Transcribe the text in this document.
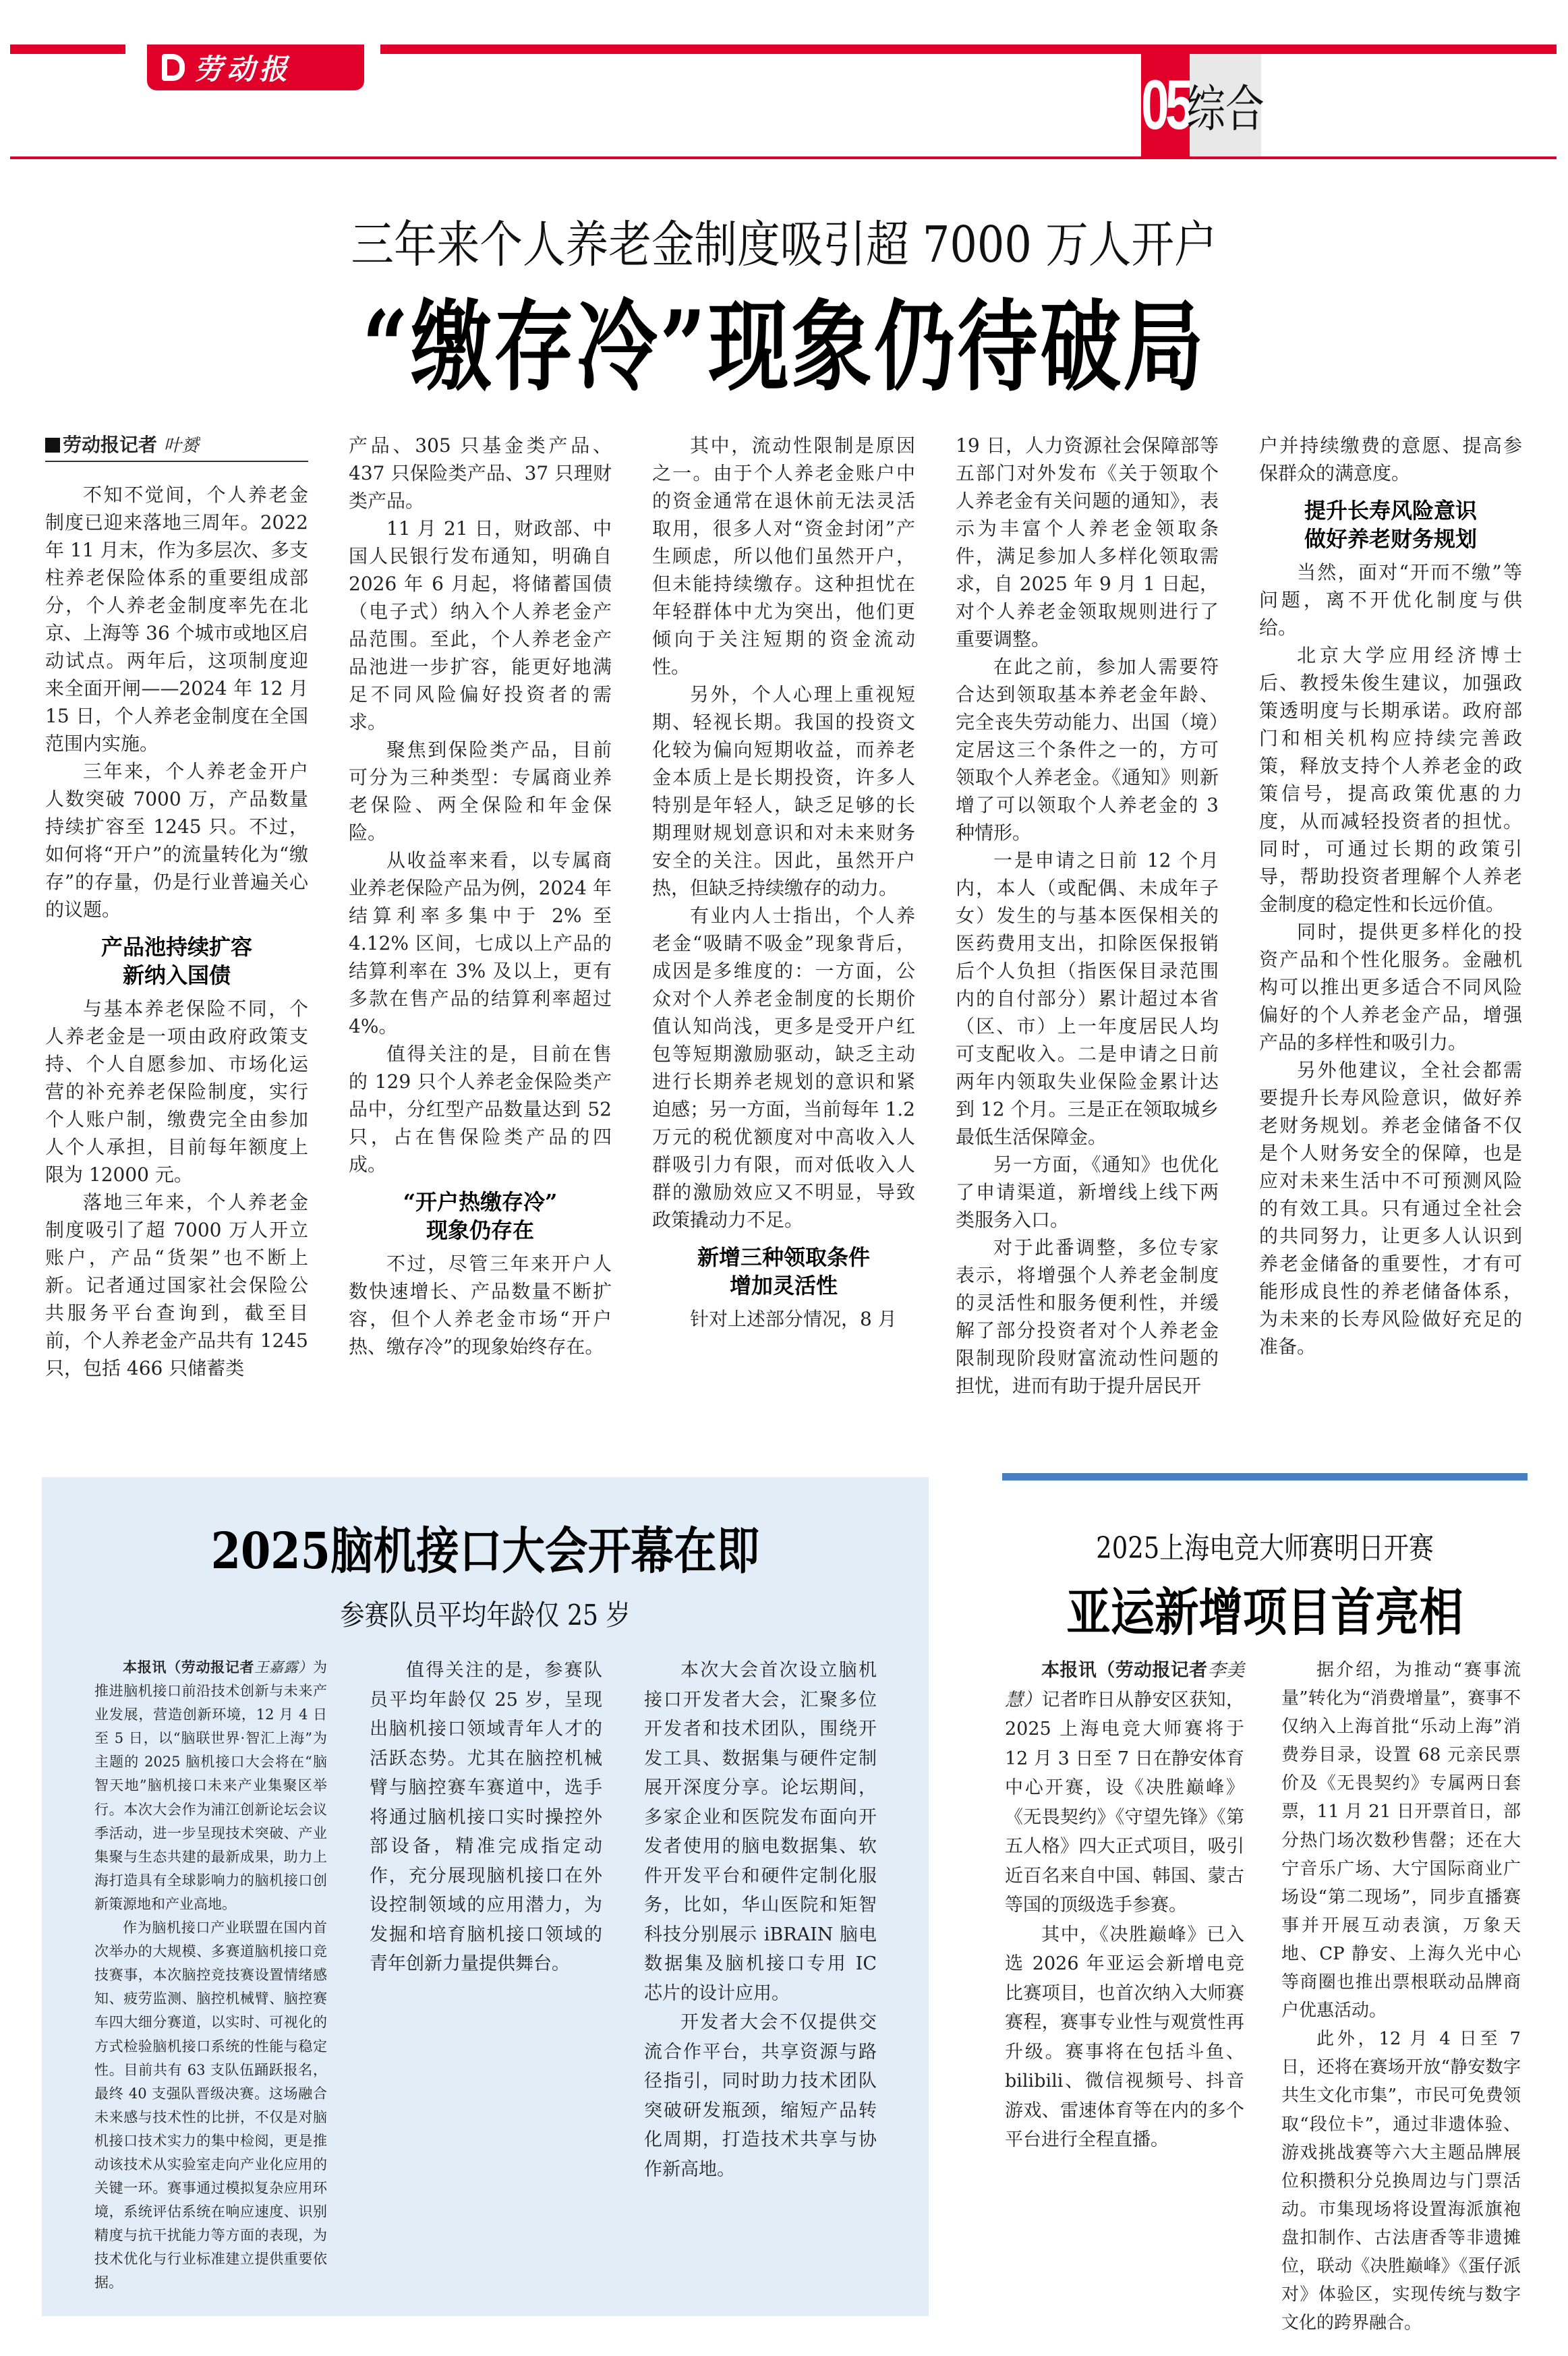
劳动报	05
综合
三年来个人养老金制度吸引超 7000 万人开户
“缴存冷”现象仍待破局
劳动报记者 叶赟

不知不觉间，个人养老金制度已迎来落地三周年。2022 年 11 月末，作为多层次、多支柱养老保险体系的重要组成部分，个人养老金制度率先在北京、上海等 36 个城市或地区启动试点。两年后，这项制度迎来全面开闸——2024 年 12 月 15 日，个人养老金制度在全国范围内实施。

三年来，个人养老金开户人数突破 7000 万，产品数量持续扩容至 1245 只。不过，如何将“开户”的流量转化为“缴存”的存量，仍是行业普遍关心的议题。

产品池持续扩容
新纳入国债

与基本养老保险不同，个人养老金是一项由政府政策支持、个人自愿参加、市场化运营的补充养老保险制度，实行个人账户制，缴费完全由参加人个人承担，目前每年额度上限为 12000 元。

落地三年来，个人养老金制度吸引了超 7000 万人开立账户，产品“货架”也不断上新。记者通过国家社会保险公共服务平台查询到，截至目前，个人养老金产品共有 1245 只，包括 466 只储蓄类

产品、305 只基金类产品、437 只保险类产品、37 只理财类产品。

11 月 21 日，财政部、中国人民银行发布通知，明确自 2026 年 6 月起，将储蓄国债（电子式）纳入个人养老金产品范围。至此，个人养老金产品池进一步扩容，能更好地满足不同风险偏好投资者的需求。

聚焦到保险类产品，目前可分为三种类型：专属商业养老保险、两全保险和年金保险。

从收益率来看，以专属商业养老保险产品为例，2024 年结算利率多集中于 2% 至 4.12% 区间，七成以上产品的结算利率在 3% 及以上，更有多款在售产品的结算利率超过 4%。

值得关注的是，目前在售的 129 只个人养老金保险类产品中，分红型产品数量达到 52 只，占在售保险类产品的四成。

“开户热缴存冷”
现象仍存在

不过，尽管三年来开户人数快速增长、产品数量不断扩容，但个人养老金市场“开户热、缴存冷”的现象始终存在。

其中，流动性限制是原因之一。由于个人养老金账户中的资金通常在退休前无法灵活取用，很多人对“资金封闭”产生顾虑，所以他们虽然开户，但未能持续缴存。这种担忧在年轻群体中尤为突出，他们更倾向于关注短期的资金流动性。

另外，个人心理上重视短期、轻视长期。我国的投资文化较为偏向短期收益，而养老金本质上是长期投资，许多人特别是年轻人，缺乏足够的长期理财规划意识和对未来财务安全的关注。因此，虽然开户热，但缺乏持续缴存的动力。

有业内人士指出，个人养老金“吸睛不吸金”现象背后，成因是多维度的：一方面，公众对个人养老金制度的长期价值认知尚浅，更多是受开户红包等短期激励驱动，缺乏主动进行长期养老规划的意识和紧迫感；另一方面，当前每年 1.2 万元的税优额度对中高收入人群吸引力有限，而对低收入人群的激励效应又不明显，导致政策撬动力不足。

新增三种领取条件
增加灵活性

针对上述部分情况，8 月

19 日，人力资源社会保障部等五部门对外发布《关于领取个人养老金有关问题的通知》，表示为丰富个人养老金领取条件，满足参加人多样化领取需求，自 2025 年 9 月 1 日起，对个人养老金领取规则进行了重要调整。

在此之前，参加人需要符合达到领取基本养老金年龄、完全丧失劳动能力、出国（境）定居这三个条件之一的，方可领取个人养老金。《通知》则新增了可以领取个人养老金的 3 种情形。

一是申请之日前 12 个月内，本人（或配偶、未成年子女）发生的与基本医保相关的医药费用支出，扣除医保报销后个人负担（指医保目录范围内的自付部分）累计超过本省（区、市）上一年度居民人均可支配收入。二是申请之日前两年内领取失业保险金累计达到 12 个月。三是正在领取城乡最低生活保障金。

另一方面，《通知》也优化了申请渠道，新增线上线下两类服务入口。

对于此番调整，多位专家表示，将增强个人养老金制度的灵活性和服务便利性，并缓解了部分投资者对个人养老金限制现阶段财富流动性问题的担忧，进而有助于提升居民开

户并持续缴费的意愿、提高参保群众的满意度。

提升长寿风险意识
做好养老财务规划

当然，面对“开而不缴”等问题，离不开优化制度与供给。

北京大学应用经济博士后、教授朱俊生建议，加强政策透明度与长期承诺。政府部门和相关机构应持续完善政策，释放支持个人养老金的政策信号，提高政策优惠的力度，从而减轻投资者的担忧。同时，可通过长期的政策引导，帮助投资者理解个人养老金制度的稳定性和长远价值。

同时，提供更多样化的投资产品和个性化服务。金融机构可以推出更多适合不同风险偏好的个人养老金产品，增强产品的多样性和吸引力。

另外他建议，全社会都需要提升长寿风险意识，做好养老财务规划。养老金储备不仅是个人财务安全的保障，也是应对未来生活中不可预测风险的有效工具。只有通过全社会的共同努力，让更多人认识到养老金储备的重要性，才有可能形成良性的养老储备体系，为未来的长寿风险做好充足的准备。

2025脑机接口大会开幕在即
参赛队员平均年龄仅 25 岁

本报讯（劳动报记者王嘉露）为推进脑机接口前沿技术创新与未来产业发展，营造创新环境，12 月 4 日至 5 日，以“脑联世界·智汇上海”为主题的 2025 脑机接口大会将在“脑智天地”脑机接口未来产业集聚区举行。本次大会作为浦江创新论坛会议季活动，进一步呈现技术突破、产业集聚与生态共建的最新成果，助力上海打造具有全球影响力的脑机接口创新策源地和产业高地。

作为脑机接口产业联盟在国内首次举办的大规模、多赛道脑机接口竞技赛事，本次脑控竞技赛设置情绪感知、疲劳监测、脑控机械臂、脑控赛车四大细分赛道，以实时、可视化的方式检验脑机接口系统的性能与稳定性。目前共有 63 支队伍踊跃报名，最终 40 支强队晋级决赛。这场融合未来感与技术性的比拼，不仅是对脑机接口技术实力的集中检阅，更是推动该技术从实验室走向产业化应用的关键一环。赛事通过模拟复杂应用环境，系统评估系统在响应速度、识别精度与抗干扰能力等方面的表现，为技术优化与行业标准建立提供重要依据。

值得关注的是，参赛队员平均年龄仅 25 岁，呈现出脑机接口领域青年人才的活跃态势。尤其在脑控机械臂与脑控赛车赛道中，选手将通过脑机接口实时操控外部设备，精准完成指定动作，充分展现脑机接口在外设控制领域的应用潜力，为发掘和培育脑机接口领域的青年创新力量提供舞台。

本次大会首次设立脑机接口开发者大会，汇聚多位开发者和技术团队，围绕开发工具、数据集与硬件定制展开深度分享。论坛期间，多家企业和医院发布面向开发者使用的脑电数据集、软件开发平台和硬件定制化服务，比如，华山医院和矩智科技分别展示 iBRAIN 脑电数据集及脑机接口专用 IC 芯片的设计应用。

开发者大会不仅提供交流合作平台，共享资源与路径指引，同时助力技术团队突破研发瓶颈，缩短产品转化周期，打造技术共享与协作新高地。

2025上海电竞大师赛明日开赛
亚运新增项目首亮相

本报讯（劳动报记者李美慧）记者昨日从静安区获知，2025 上海电竞大师赛将于 12 月 3 日至 7 日在静安体育中心开赛，设《决胜巅峰》《无畏契约》《守望先锋》《第五人格》四大正式项目，吸引近百名来自中国、韩国、蒙古等国的顶级选手参赛。

其中，《决胜巅峰》已入选 2026 年亚运会新增电竞比赛项目，也首次纳入大师赛赛程，赛事专业性与观赏性再升级。赛事将在包括斗鱼、bilibili、微信视频号、抖音游戏、雷速体育等在内的多个平台进行全程直播。

据介绍，为推动“赛事流量”转化为“消费增量”，赛事不仅纳入上海首批“乐动上海”消费券目录，设置 68 元亲民票价及《无畏契约》专属两日套票，11 月 21 日开票首日，部分热门场次数秒售罄；还在大宁音乐广场、大宁国际商业广场设“第二现场”，同步直播赛事并开展互动表演，万象天地、CP 静安、上海久光中心等商圈也推出票根联动品牌商户优惠活动。

此外，12 月 4 日至 7 日，还将在赛场开放“静安数字共生文化市集”，市民可免费领取“段位卡”，通过非遗体验、游戏挑战赛等六大主题品牌展位积攒积分兑换周边与门票活动。市集现场将设置海派旗袍盘扣制作、古法唐香等非遗摊位，联动《决胜巅峰》《蛋仔派对》体验区，实现传统与数字文化的跨界融合。
